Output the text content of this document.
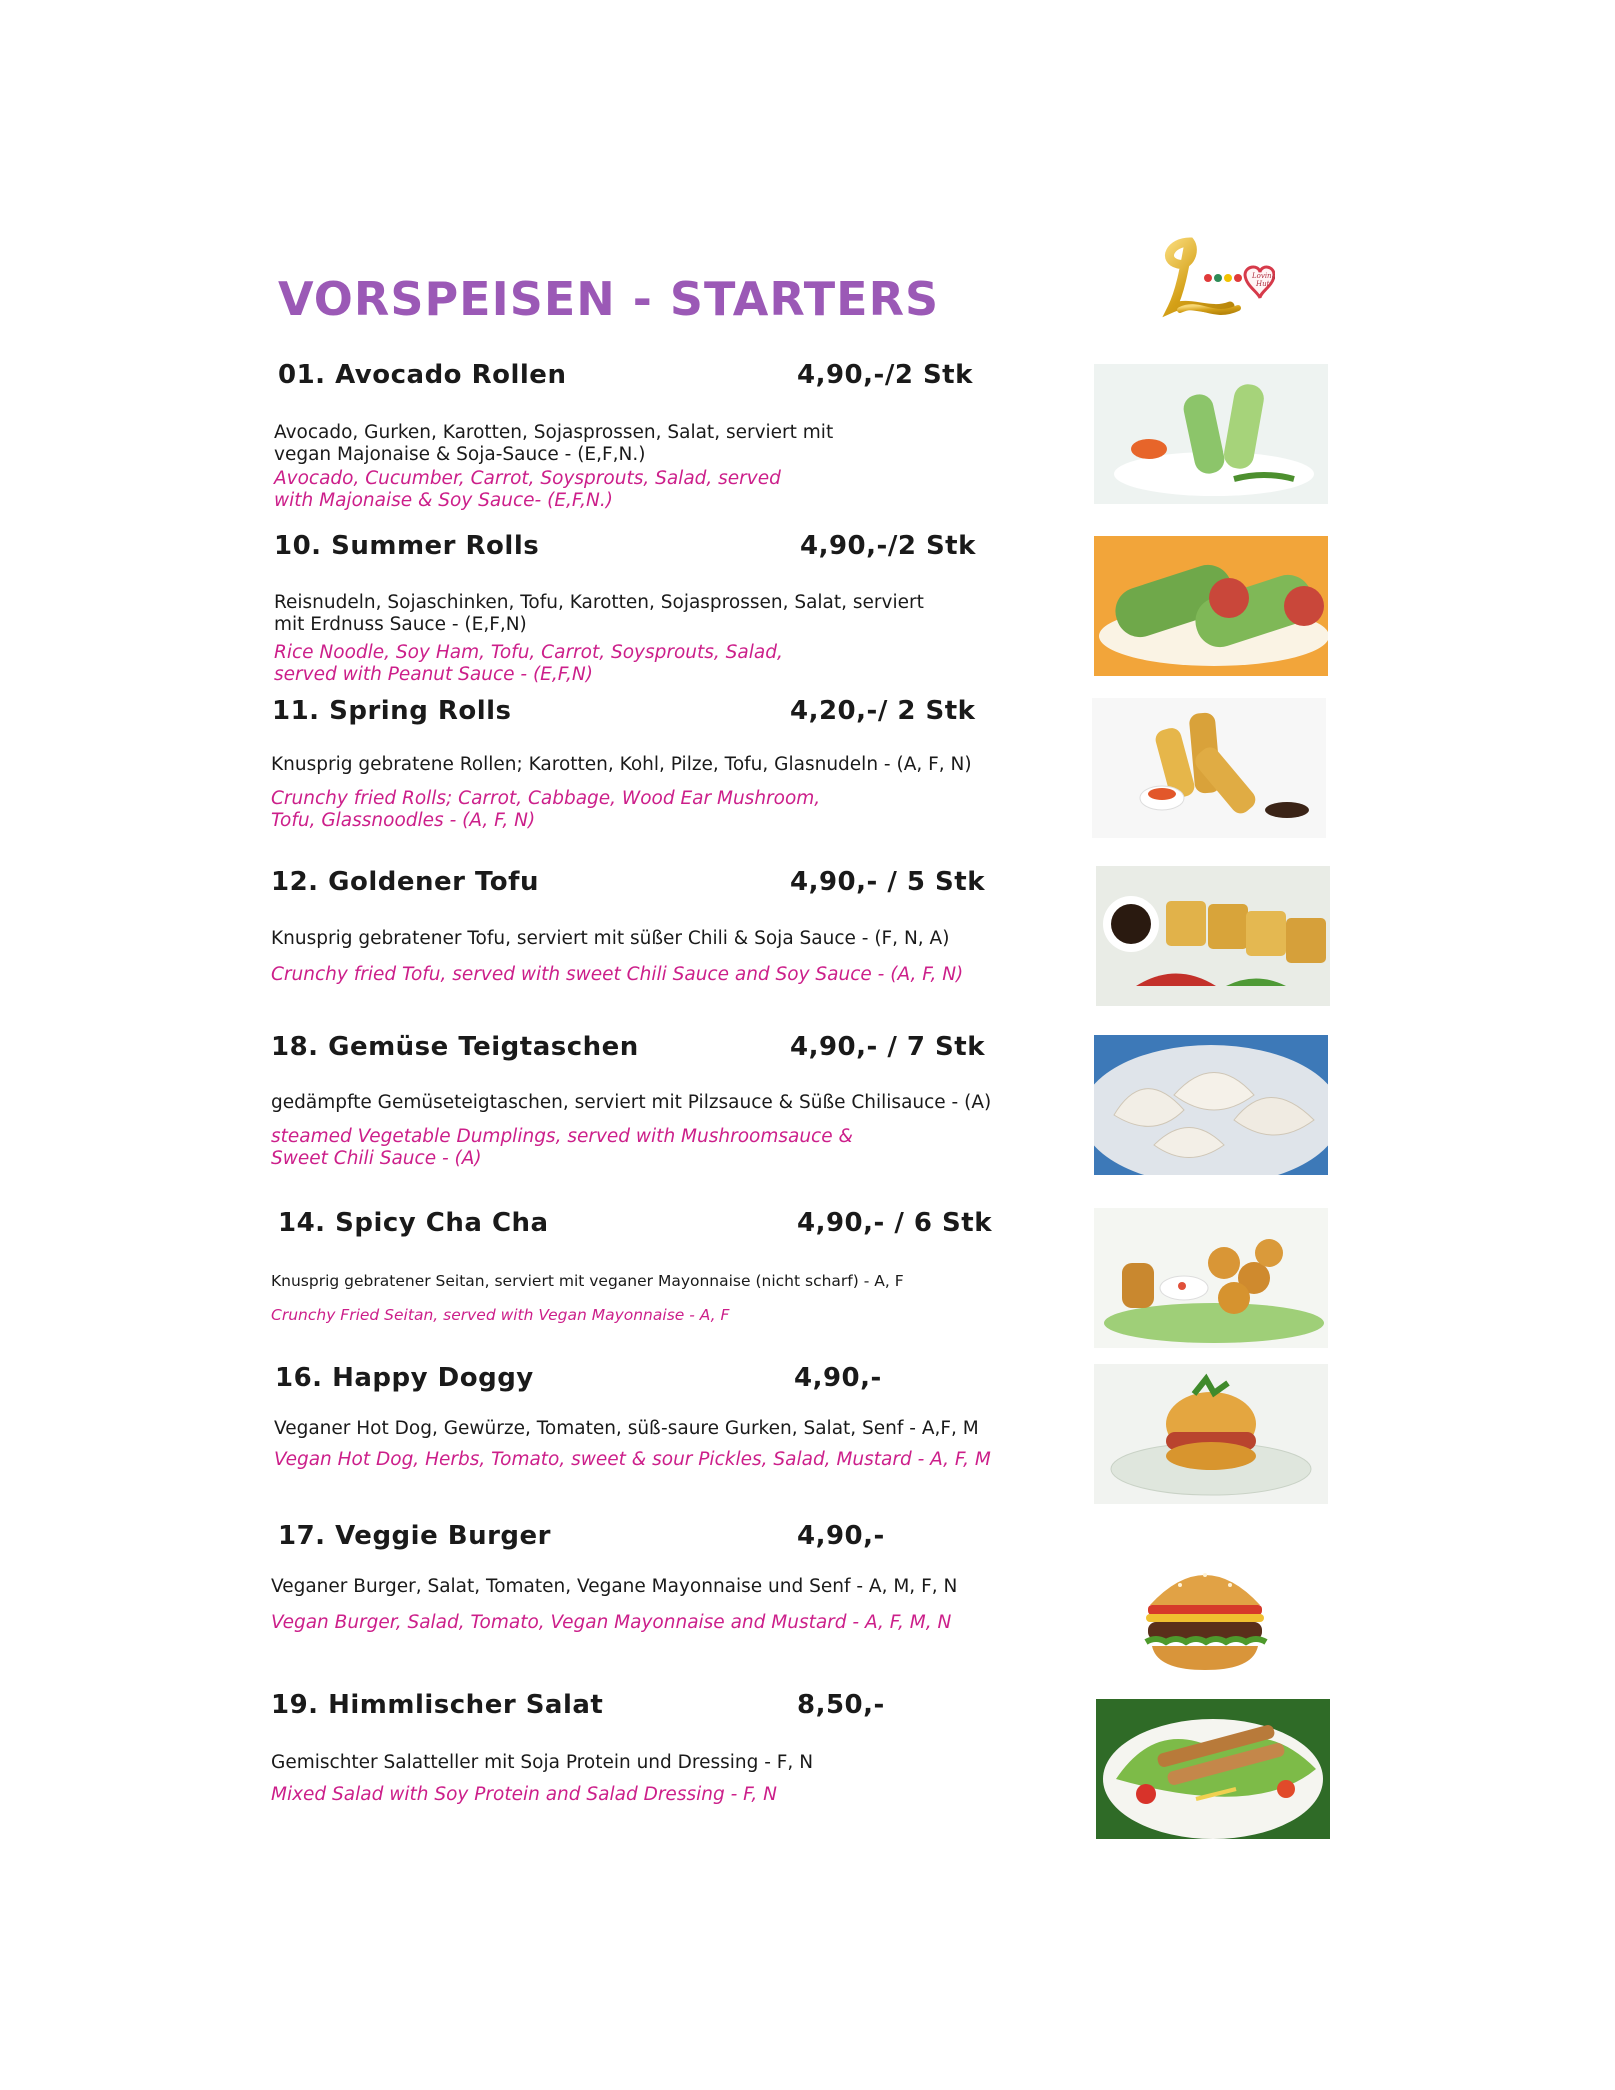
VORSPEISEN - STARTERS	Loving
Hut
01. Avocado Rollen	4,90,-/2 Stk
Avocado, Gurken, Karotten, Sojasprossen, Salat, serviert mit
vegan Majonaise & Soja-Sauce - (E,F,N.)
Avocado, Cucumber, Carrot, Soysprouts, Salad, served
with Majonaise & Soy Sauce- (E,F,N.)
10. Summer Rolls	4,90,-/2 Stk
Reisnudeln, Sojaschinken, Tofu, Karotten, Sojasprossen, Salat, serviert
mit Erdnuss Sauce - (E,F,N)
Rice Noodle, Soy Ham, Tofu, Carrot, Soysprouts, Salad,
served with Peanut Sauce - (E,F,N)
11. Spring Rolls	4,20,-/ 2 Stk
Knusprig gebratene Rollen; Karotten, Kohl, Pilze, Tofu, Glasnudeln - (A, F, N)
Crunchy fried Rolls; Carrot, Cabbage, Wood Ear Mushroom,
Tofu, Glassnoodles - (A, F, N)
12. Goldener Tofu	4,90,- / 5 Stk
Knusprig gebratener Tofu, serviert mit süßer Chili & Soja Sauce - (F, N, A)
Crunchy fried Tofu, served with sweet Chili Sauce and Soy Sauce - (A, F, N)
18. Gemüse Teigtaschen	4,90,- / 7 Stk
gedämpfte Gemüseteigtaschen, serviert mit Pilzsauce & Süße Chilisauce - (A)
steamed Vegetable Dumplings, served with Mushroomsauce &
Sweet Chili Sauce - (A)
14. Spicy Cha Cha	4,90,- / 6 Stk
Knusprig gebratener Seitan, serviert mit veganer Mayonnaise (nicht scharf) - A, F
Crunchy Fried Seitan, served with Vegan Mayonnaise - A, F
16. Happy Doggy	4,90,-
Veganer Hot Dog, Gewürze, Tomaten, süß-saure Gurken, Salat, Senf - A,F, M
Vegan Hot Dog, Herbs, Tomato, sweet & sour Pickles, Salad, Mustard - A, F, M
17. Veggie Burger	4,90,-
Veganer Burger, Salat, Tomaten, Vegane Mayonnaise und Senf - A, M, F, N
Vegan Burger, Salad, Tomato, Vegan Mayonnaise and Mustard - A, F, M, N
19. Himmlischer Salat	8,50,-
Gemischter Salatteller mit Soja Protein und Dressing - F, N
Mixed Salad with Soy Protein and Salad Dressing - F, N
